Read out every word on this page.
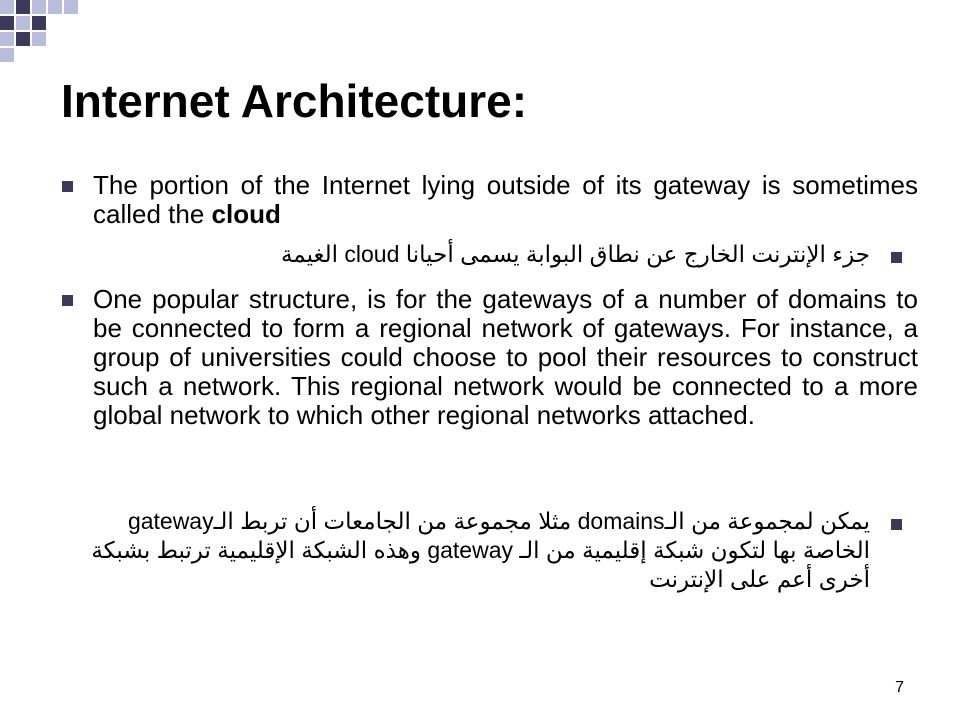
Internet Architecture:
The portion of the Internet lying outside of its gateway is sometimes called the cloud
جزء الإنترنت الخارج عن نطاق البوابة يسمى أحيانا cloud الغيمة
One popular structure, is for the gateways of a number of domains to be connected to form a regional network of gateways. For instance, a group of universities could choose to pool their resources to construct such a network. This regional network would be connected to a more global network to which other regional networks attached.
يمكن لمجموعة من الـdomains مثلا مجموعة من الجامعات أن تربط الـgateway الخاصة بها لتكون شبكة إقليمية من الـ gateway وهذه الشبكة الإقليمية ترتبط بشبكة أخرى أعم على الإنترنت
7
